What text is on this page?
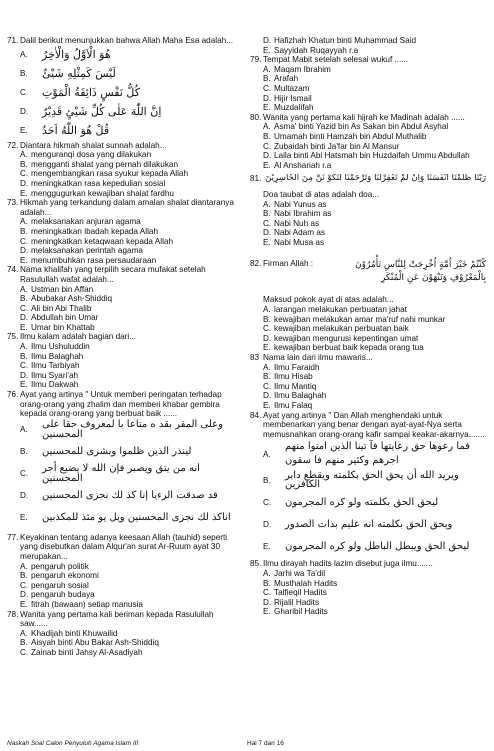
71. Dalil berikut menunjukkan bahwa Allah Maha Esa adalah...
A.	هُوَ الْاَوَّلُ وَالْاٰخِرُ
B.	لَيْسَ كَمِثْلِهِ شَيْئٌ
C.	كُلُّ نَفْسٍ ذَائِقَةُ الْمَوْتِ
D.	اِنَّ اللّٰهَ عَلٰى كُلِّ شَيْئٍ قَدِيْرٌ
E.	قُلْ هُوَ اللّٰهُ اَحَدٌ
72. Diantara hikmah shalat sunnah adalah...
A. menguranqi dosa yang dilakukan
B. mengganti shalat yang pernah dilakukan
C. mengembangkan rasa syukur kepada Allah
D. meningkatkan rasa kepedulian sosial
E. menggugurkan kewajiban shalat fardhu
73. Hikmah yang terkandung dalam amalan shalat diantaranya adalah...
A. melaksanakan anjuran agama
B. meningkatkan ibadah kepada Allah
C. meningkatkan ketaqwaan kepada Allah
D. melaksanakan perintah agama
E. menumbuhkan rasa persaudaraan
74. Nama khalifah yang terpilih secara mufakat setelah Rasulullah wafat adalah...
A. Ustman bin Affan
B. Abubakar Ash-Shiddiq
C. Ali bin Abi Thalib
D. Abdullah bin Umar
E. Umar bin Khattab
75. Ilmu kalam adalah bagian dari...
A. Ilmu Ushuluddin
B. Ilmu Balaghah
C. Ilmu Tarbiyah
D. Ilmu Syari'ah
E. Ilmu Dakwah
76. Ayat yang artinya " Untuk memberi peringatan terhadap orang-orang yang zhalim dan memberi khabar gembira kepada orang-orang yang berbuat baik ......
A.	وعلى المقر بقد ه متاعا با لمعروف حقا على المحسنين
B.	لينذر الذين ظلموا وبشرى للمحسنين
C.	انه من يتق ويصبر فإن الله لا يضيع أجر المحسنين
D.	قد صدقت الرءيا إنا كذ لك نجزى المحسنين
E.	اناكذ لك نجزى المحسنين ويل يو مئذ للمكذبين
77. Keyakinan tentang adanya keesaan Allah (tauhid) seperti yang disebutkan dalam Alqur'an surat Ar-Ruum ayat 30 merupakan...
A. pengaruh politik
B. pengaruh ekonomi
C. pengaruh sosial
D. pengaruh budaya
E. fitrah (bawaan) setiap manusia
78. Wanita yang pertama kali beriman kepada Rasulullah saw......
A. Khadijah binti Khuwailid
B. Aisyah binti Abu Bakar Ash-Shiddiq
C. Zainab binti Jahsy Al-Asadiyah
D. Hafizhah Khatun binti Muhammad Said
E. Sayyidah Ruqayyah r.a
79. Tempat Mabit setelah selesai wukuf ......
A. Maqam Ibrahim
B. Arafah
C. Multazam
D. Hijir Ismail
E. Muzdalifah
80. Wanita yang pertama kali hijrah ke Madinah adalah ......
A. Asma' binti Yazid bin As Sakan bin Abdul Asyhal
B. Umamah binti Hamzah bin Abdul Muthalib
C. Zubaidah binti Ja'far bin Al Mansur
D. Laila binti Abi Hatsmah bin Huzdaifah Ummu Abdullah
E. Al Anshariah r.a
81. رَبَّنَا ظَلَمْنَا اَنْفُسَنَا وَاِنْ لَمْ تَغْفِرْلَنَا وَتَرْحَمْنَا لَنَكُوْ نَنَّ مِنَ الْخَاسِرِيْنَ
Doa taubat di atas adalah doa...
A. Nabi Yunus as
B. Nabi Ibrahim as
C. Nabi Nuh as
D. Nabi Adam as
E. Nabi Musa as
82. Firman Allah :	كُنْتُمْ خَيْرَ اُمَّةٍ اُخْرِجَتْ لِلنَّاسِ تَأْمُرُوْنَ بِالْمَعْرُوْفِ وَتَنْهَوْنَ عَنِ الْمُنْكَرِ
Maksud pokok ayat di atas adalah...
A. larangan melakukan perbuatan jahat
B. kewajiban melakukan amar ma'ruf nahi munkar
C. kewajiban melakukan perbuatan baik
D. kewajiban mengurusi kepentingan umat
E. kewajiban berbuat baik kepada orang tua
83 Nama lain dari ilmu mawaris...
A. Ilmu Faraidh
B. Ilmu Hisab
C. Ilmu Mantiq
D. Ilmu Balaghah
E. Ilmu Falaq
84. Ayat yang artinya " Dan Allah menghendaki untuk membenarkan yang benar dengan ayat-ayat-Nya serta memusnahkan orang-orang kafir sampai keakar-akarnya.......
A.
فما رعوها حق رعايتها فآ تينا الذين امنوا منهم اجرهم وكثير منهم فا سقون
B.	ويريد الله أن يحق الحق بكلمته ويقطع دابر الكافرين
C.	ليحق الحق بكلمته ولو كره المجرمون
D.	ويحق الحق بكلمته انه عليم بذات الصدور
E.	ليحق الحق ويبطل الباطل ولو كره المجرمون
85. Ilmu dirayah hadits lazim disebut juga ilmu.......
A. Jarhi wa Ta'dil
B. Musthalah Hadits
C. Talfieqil Hadits
D. Rijalil Hadits
E. Gharibil Hadits
Naskah Soal Calon Penyuluh Agama Islam III	Hal 7 dari 16
